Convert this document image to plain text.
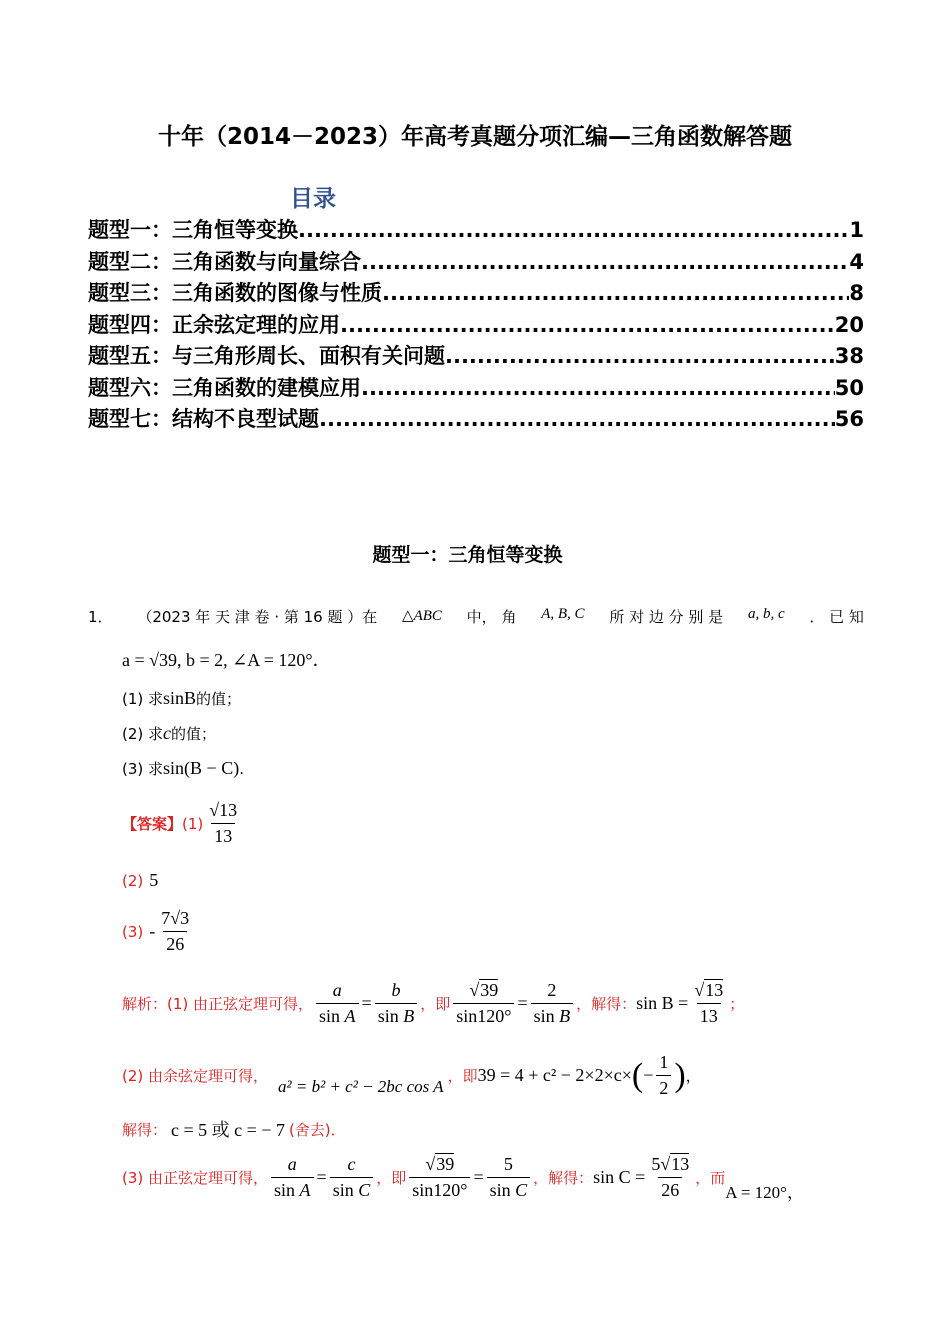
十年（2014－2023）年高考真题分项汇编—三角函数解答题
目录
题型一：三角恒等变换 .....	1
题型二：三角函数与向量综合 .....	4
题型三：三角函数的图像与性质 .....	8
题型四：正余弦定理的应用 .....	20
题型五：与三角形周长、面积有关问题 .....	38
题型六：三角函数的建模应用 .....	50
题型七：结构不良型试题 .....	56
题型一：三角恒等变换
1． （2023 年 天 津 卷 · 第 16 题 ）在 △ABC 中， 角 A, B, C 所 对 边 分 别 是 a, b, c ． 已 知
a = √39, b = 2, ∠A = 120°．
(1) 求sinB的值；
(2) 求c的值；
(3) 求sin(B − C).
【答案】 $(1) \frac{√13}{13}$
(2) 5
$(3) - \frac{7√3}{26}$
解析：(1) 由正弦定理可得， $\frac{a}{\text{sin A}} = \frac{b}{\text{sin B}}$ ，即 $\frac{√39}{\sin 120^\circ} = \frac{2}{\text{sin B}}$ ，解得： $\sin B = \frac{√13}{13}$ ；
(2) 由余弦定理可得，
a² = b² + c² − 2bc cos A
，即 39 = 4 + c² − 2×2×c× ( − $\frac{1}{2}$ ) ，
解得： c = 5 或 c = − 7 (舍去)．
(3) 由正弦定理可得， $\frac{a}{\text{sin A}} = \frac{c}{\text{sin C}}$ ，即 $\frac{√39}{\sin 120^\circ} = \frac{5}{\text{sin C}}$ ，解得： $\sin C = \frac{5√13}{26}$ ，而
A = 120°，
